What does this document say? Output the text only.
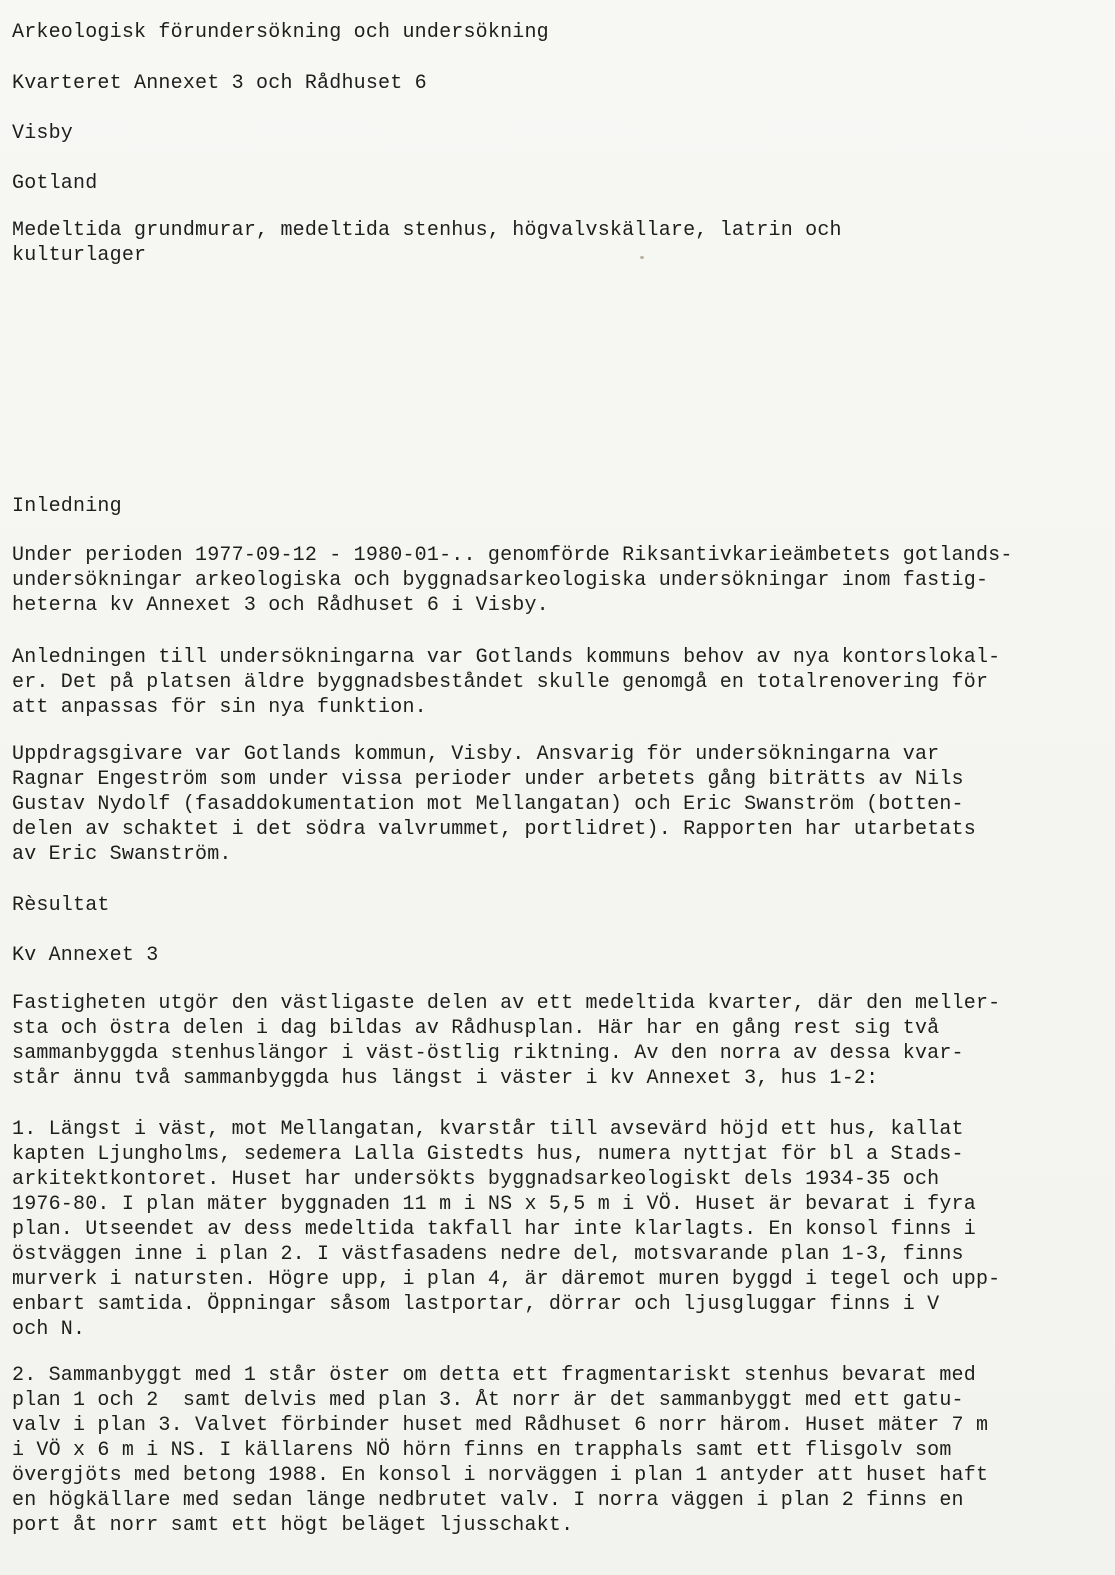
Arkeologisk förundersökning och undersökning

Kvarteret Annexet 3 och Rådhuset 6

Visby

Gotland

Medeltida grundmurar, medeltida stenhus, högvalvskällare, latrin och
kulturlager

Inledning

Under perioden 1977-09-12 - 1980-01-.. genomförde Riksantivkarieämbetets gotlands-
undersökningar arkeologiska och byggnadsarkeologiska undersökningar inom fastig-
heterna kv Annexet 3 och Rådhuset 6 i Visby.

Anledningen till undersökningarna var Gotlands kommuns behov av nya kontorslokal-
er. Det på platsen äldre byggnadsbeståndet skulle genomgå en totalrenovering för
att anpassas för sin nya funktion.

Uppdragsgivare var Gotlands kommun, Visby. Ansvarig för undersökningarna var
Ragnar Engeström som under vissa perioder under arbetets gång biträtts av Nils
Gustav Nydolf (fasaddokumentation mot Mellangatan) och Eric Swanström (botten-
delen av schaktet i det södra valvrummet, portlidret). Rapporten har utarbetats
av Eric Swanström.

Rèsultat

Kv Annexet 3

Fastigheten utgör den västligaste delen av ett medeltida kvarter, där den meller-
sta och östra delen i dag bildas av Rådhusplan. Här har en gång rest sig två
sammanbyggda stenhuslängor i väst-östlig riktning. Av den norra av dessa kvar-
står ännu två sammanbyggda hus längst i väster i kv Annexet 3, hus 1-2:

1. Längst i väst, mot Mellangatan, kvarstår till avsevärd höjd ett hus, kallat
kapten Ljungholms, sedemera Lalla Gistedts hus, numera nyttjat för bl a Stads-
arkitektkontoret. Huset har undersökts byggnadsarkeologiskt dels 1934-35 och
1976-80. I plan mäter byggnaden 11 m i NS x 5,5 m i VÖ. Huset är bevarat i fyra
plan. Utseendet av dess medeltida takfall har inte klarlagts. En konsol finns i
östväggen inne i plan 2. I västfasadens nedre del, motsvarande plan 1-3, finns
murverk i natursten. Högre upp, i plan 4, är däremot muren byggd i tegel och upp-
enbart samtida. Öppningar såsom lastportar, dörrar och ljusgluggar finns i V
och N.

2. Sammanbyggt med 1 står öster om detta ett fragmentariskt stenhus bevarat med
plan 1 och 2  samt delvis med plan 3. Åt norr är det sammanbyggt med ett gatu-
valv i plan 3. Valvet förbinder huset med Rådhuset 6 norr härom. Huset mäter 7 m
i VÖ x 6 m i NS. I källarens NÖ hörn finns en trapphals samt ett flisgolv som
övergjöts med betong 1988. En konsol i norväggen i plan 1 antyder att huset haft
en högkällare med sedan länge nedbrutet valv. I norra väggen i plan 2 finns en
port åt norr samt ett högt beläget ljusschakt.
